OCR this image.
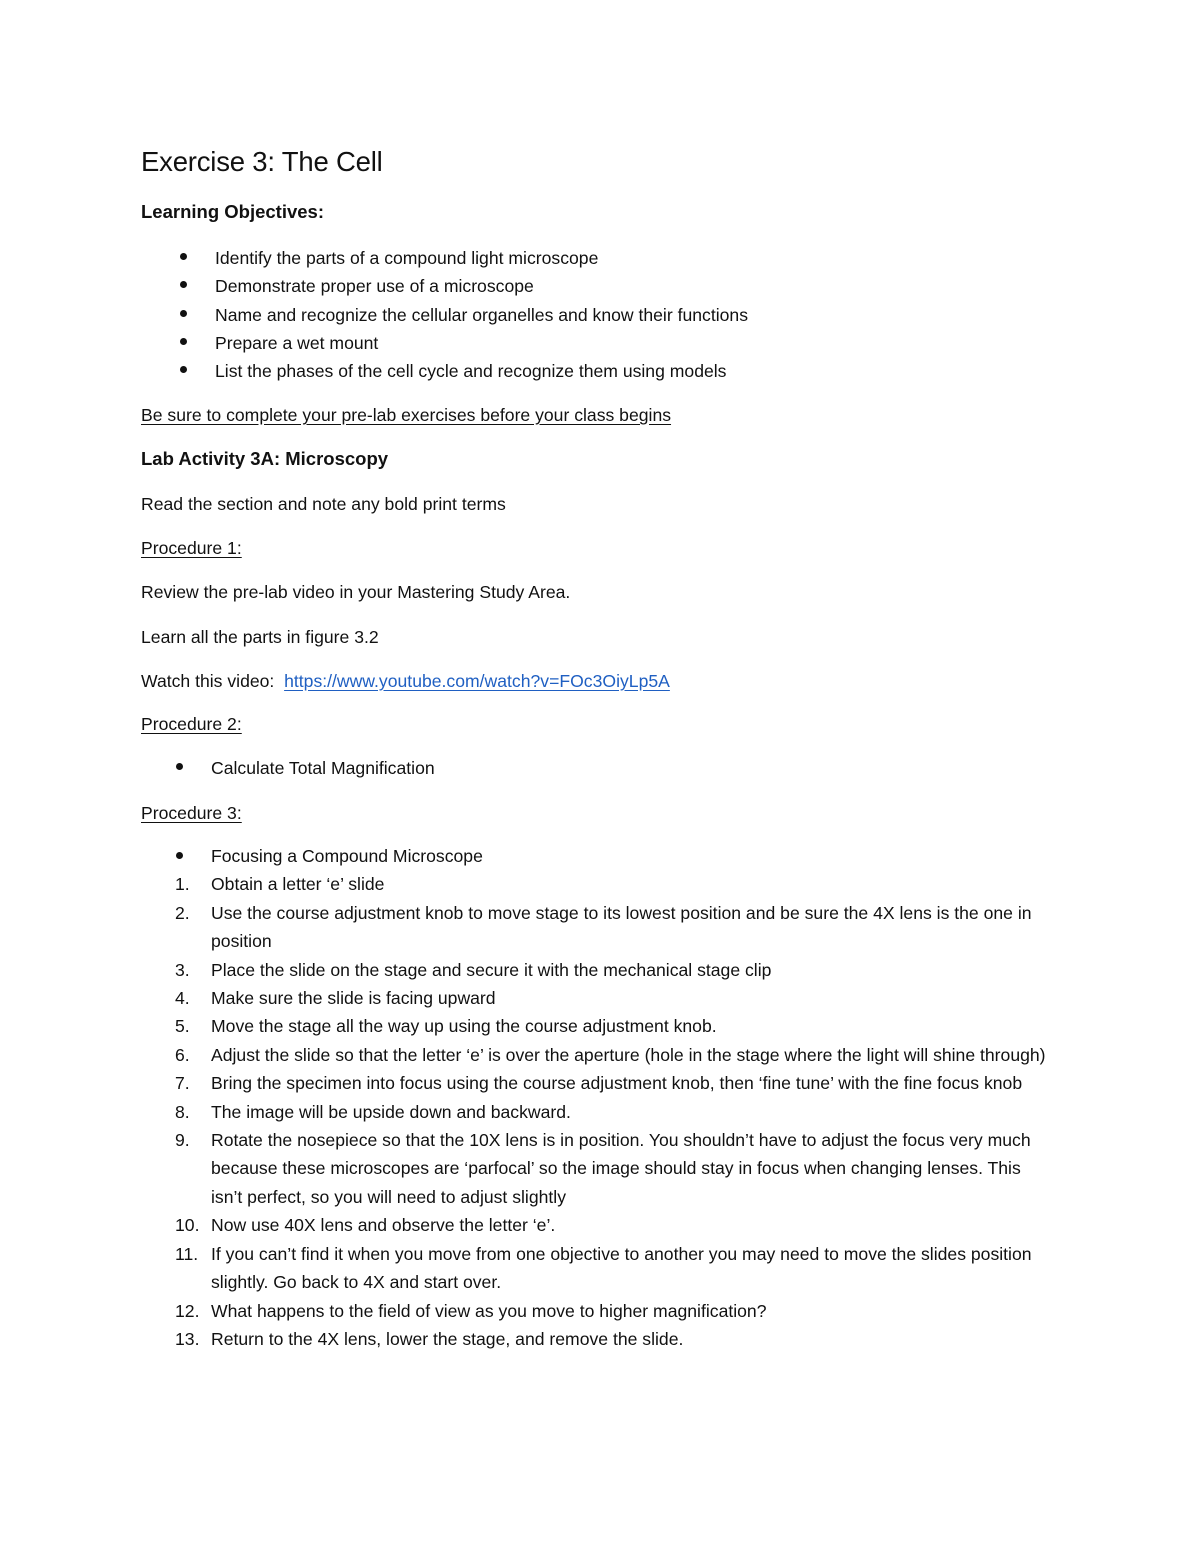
Exercise 3: The Cell
Learning Objectives:
Identify the parts of a compound light microscope
Demonstrate proper use of a microscope
Name and recognize the cellular organelles and know their functions
Prepare a wet mount
List the phases of the cell cycle and recognize them using models
Be sure to complete your pre-lab exercises before your class begins
Lab Activity 3A: Microscopy
Read the section and note any bold print terms
Procedure 1:
Review the pre-lab video in your Mastering Study Area.
Learn all the parts in figure 3.2
Watch this video: https://www.youtube.com/watch?v=FOc3OiyLp5A
Procedure 2:
Calculate Total Magnification
Procedure 3:
Focusing a Compound Microscope
1.	Obtain a letter ‘e’ slide
2.	Use the course adjustment knob to move stage to its lowest position and be sure the 4X lens is the one in position
3.	Place the slide on the stage and secure it with the mechanical stage clip
4.	Make sure the slide is facing upward
5.	Move the stage all the way up using the course adjustment knob.
6.	Adjust the slide so that the letter ‘e’ is over the aperture (hole in the stage where the light will shine through)
7.	Bring the specimen into focus using the course adjustment knob, then ‘fine tune’ with the fine focus knob
8.	The image will be upside down and backward.
9.	Rotate the nosepiece so that the 10X lens is in position. You shouldn’t have to adjust the focus very much because these microscopes are ‘parfocal’ so the image should stay in focus when changing lenses. This isn’t perfect, so you will need to adjust slightly
10. Now use 40X lens and observe the letter ‘e’.
11. If you can’t find it when you move from one objective to another you may need to move the slides position slightly. Go back to 4X and start over.
12. What happens to the field of view as you move to higher magnification?
13. Return to the 4X lens, lower the stage, and remove the slide.
